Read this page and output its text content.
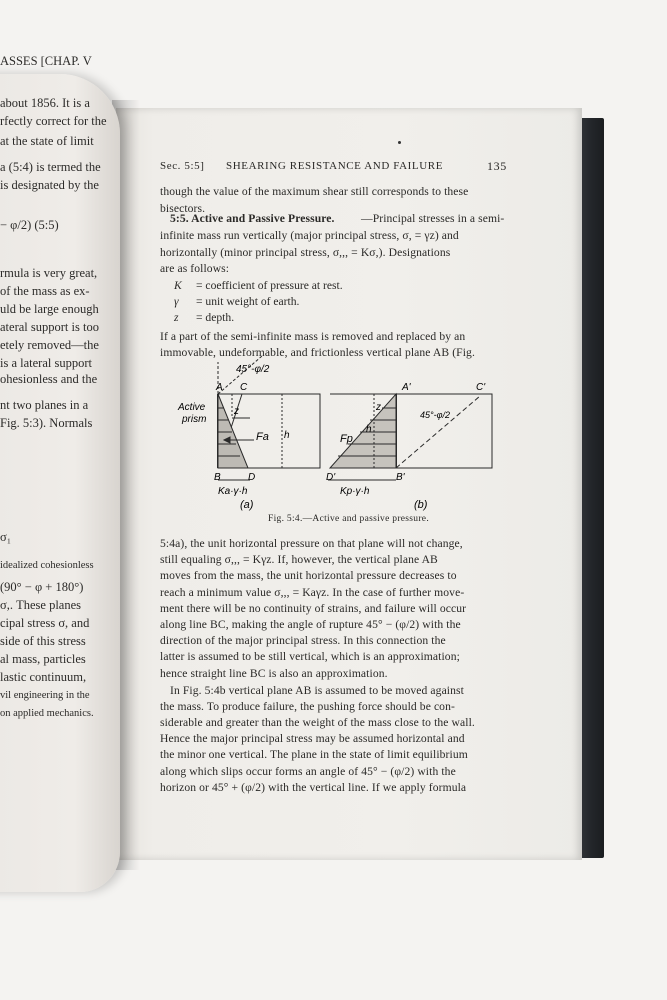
ASSES [CHAP. V
about 1856. It is a
rfectly correct for the
at the state of limit
a (5:4) is termed the
is designated by the
− φ/2) (5:5)
rmula is very great,
of the mass as ex-
uld be large enough
ateral support is too
etely removed—the
is a lateral support
ohesionless and the
nt two planes in a
Fig. 5:3). Normals
σ₁
idealized cohesionless
(90° − φ + 180°)
σ,. These planes
cipal stress σ, and
side of this stress
al mass, particles
lastic continuum,
vil engineering in the
on applied mechanics.
Sec. 5:5] SHEARING RESISTANCE AND FAILURE	135
though the value of the maximum shear still corresponds to these
bisectors.
5:5. Active and Passive Pressure. —Principal stresses in a semi-
infinite mass run vertically (major principal stress, σ, = γz) and
horizontally (minor principal stress, σ,,, = Kσ,). Designations
are as follows:
K = coefficient of pressure at rest.
γ = unit weight of earth.
z = depth.
If a part of the semi-infinite mass is removed and replaced by an
immovable, undeformable, and frictionless vertical plane AB (Fig.
5:4a), the unit horizontal pressure on that plane will not change,
still equaling σ,,, = Kγz. If, however, the vertical plane AB
moves from the mass, the unit horizontal pressure decreases to
reach a minimum value σ,,, = Kaγz. In the case of further move-
ment there will be no continuity of strains, and failure will occur
along line BC, making the angle of rupture 45° − (φ/2) with the
direction of the major principal stress. In this connection the
latter is assumed to be still vertical, which is an approximation;
hence straight line BC is also an approximation.
In Fig. 5:4b vertical plane AB is assumed to be moved against
the mass. To produce failure, the pushing force should be con-
siderable and greater than the weight of the mass close to the wall.
Hence the major principal stress may be assumed horizontal and
the minor one vertical. The plane in the state of limit equilibrium
along which slips occur forms an angle of 45° − (φ/2) with the
horizon or 45° + (φ/2) with the vertical line. If we apply formula
45°-φ/2
Active
prism
A C
B	D
z
h
Fa
Ka·γ·h
(a)
A'	C'
B'
D'
45°-φ/2
z
h
Fp
Kp·γ·h
(b)
Fig. 5:4.—Active and passive pressure.
